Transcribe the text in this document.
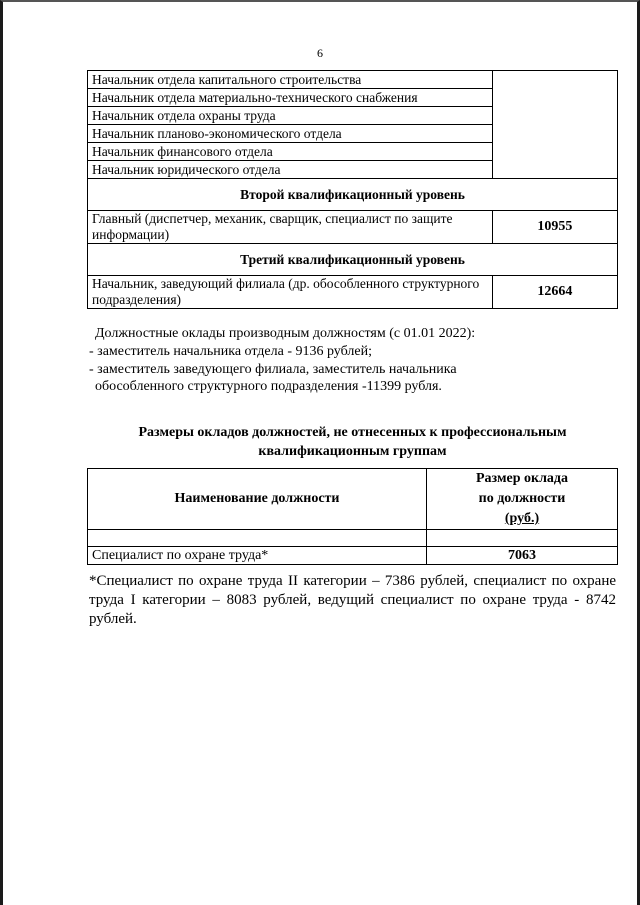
6
Начальник отдела капитального строительства	
Начальник отдела материально-технического снабжения	
Начальник отдела охраны труда	
Начальник планово-экономического отдела	
Начальник финансового отдела	
Начальник юридического отдела	
Второй квалификационный уровень	
Главный (диспетчер, механик, сварщик, специалист по защите информации)	10955
Третий квалификационный уровень	
Начальник, заведующий филиала (др. обособленного структурного подразделения)	12664

Должностные оклады производным должностям (с 01.01 2022):

- заместитель начальника отдела - 9136 рублей;

- заместитель заведующего филиала, заместитель начальника

обособленного структурного подразделения -11399 рубля.

Размеры окладов должностей, не отнесенных к профессиональным
квалификационным группам
Наименование должности	Размер оклада
по должности
(руб.)

Специалист по охране труда*	7063

*Специалист по охране труда II категории – 7386 рублей, специалист по охране труда I категории – 8083 рублей, ведущий специалист по охране труда - 8742 рублей.
